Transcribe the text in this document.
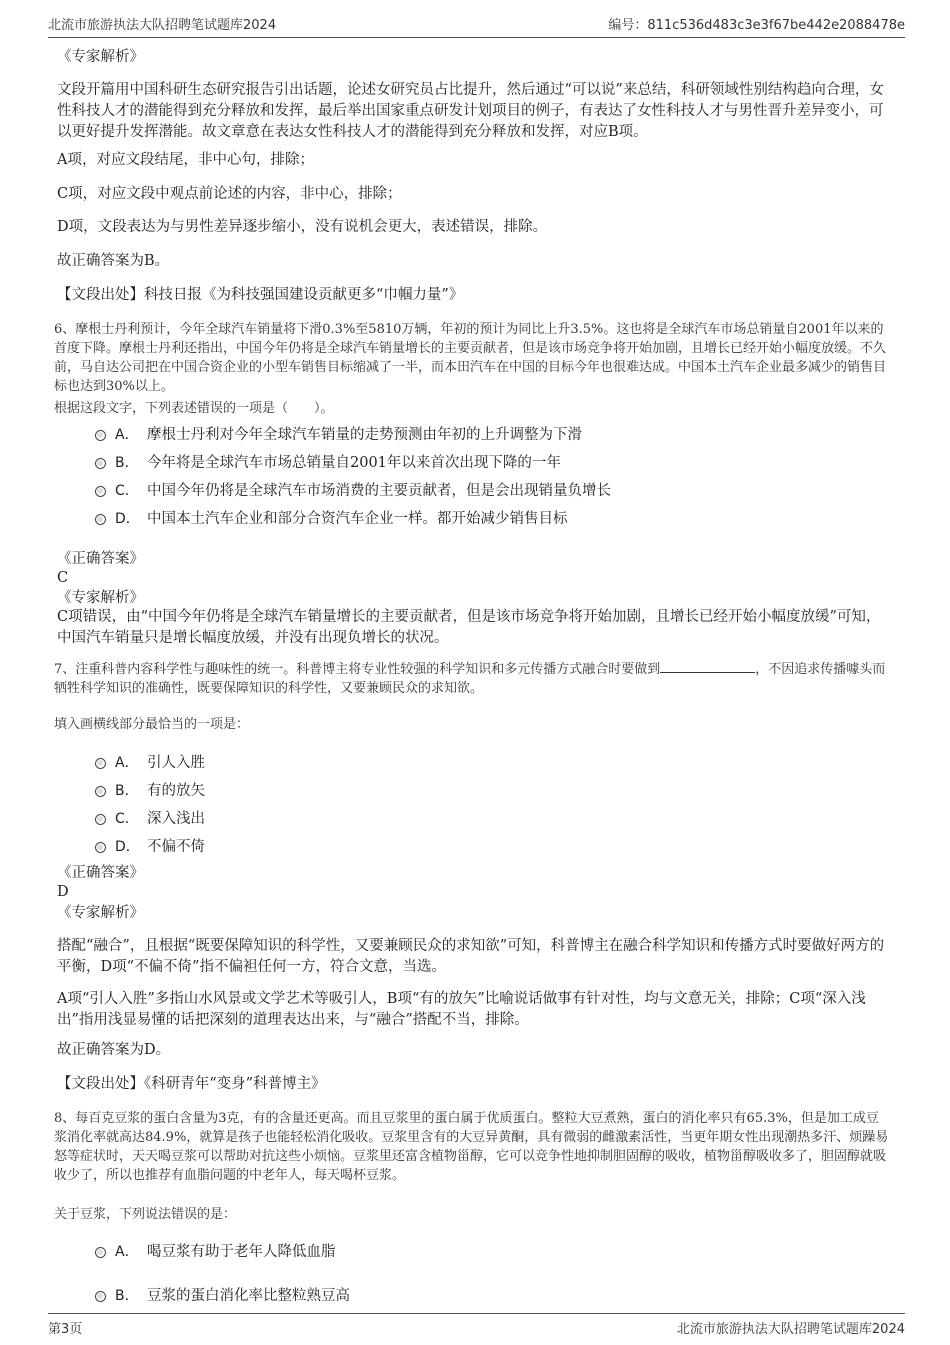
北流市旅游执法大队招聘笔试题库2024	编号：811c536d483c3e3f67be442e2088478e

《专家解析》

文段开篇用中国科研生态研究报告引出话题，论述女研究员占比提升，然后通过“可以说”来总结，科研领域性别结构趋向合理，女性科技人才的潜能得到充分释放和发挥，最后举出国家重点研发计划项目的例子，有表达了女性科技人才与男性晋升差异变小，可以更好提升发挥潜能。故文章意在表达女性科技人才的潜能得到充分释放和发挥，对应B项。

A项，对应文段结尾，非中心句，排除；

C项，对应文段中观点前论述的内容，非中心，排除；

D项，文段表达为与男性差异逐步缩小，没有说机会更大，表述错误，排除。

故正确答案为B。

【文段出处】科技日报《为科技强国建设贡献更多“巾帼力量”》

6、摩根士丹利预计，今年全球汽车销量将下滑0.3%至5810万辆，年初的预计为同比上升3.5%。这也将是全球汽车市场总销量自2001年以来的首度下降。摩根士丹利还指出，中国今年仍将是全球汽车销量增长的主要贡献者，但是该市场竞争将开始加剧，且增长已经开始小幅度放缓。不久前，马自达公司把在中国合资企业的小型车销售目标缩减了一半，而本田汽车在中国的目标今年也很难达成。中国本土汽车企业最多减少的销售目标也达到30%以上。

根据这段文字，下列表述错误的一项是（　　）。

A． 摩根士丹利对今年全球汽车销量的走势预测由年初的上升调整为下滑
B． 今年将是全球汽车市场总销量自2001年以来首次出现下降的一年
C． 中国今年仍将是全球汽车市场消费的主要贡献者，但是会出现销量负增长
D． 中国本土汽车企业和部分合资汽车企业一样。都开始减少销售目标

《正确答案》

C

《专家解析》

C项错误，由“中国今年仍将是全球汽车销量增长的主要贡献者，但是该市场竞争将开始加剧，且增长已经开始小幅度放缓”可知，中国汽车销量只是增长幅度放缓，并没有出现负增长的状况。

7、注重科普内容科学性与趣味性的统一。科普博主将专业性较强的科学知识和多元传播方式融合时要做到	，不因追求传播噱头而牺牲科学知识的准确性，既要保障知识的科学性，又要兼顾民众的求知欲。

填入画横线部分最恰当的一项是：

A． 引人入胜
B． 有的放矢
C． 深入浅出
D． 不偏不倚

《正确答案》

D

《专家解析》

搭配“融合”，且根据“既要保障知识的科学性，又要兼顾民众的求知欲”可知，科普博主在融合科学知识和传播方式时要做好两方的平衡，D项“不偏不倚”指不偏袒任何一方，符合文意，当选。

A项“引人入胜”多指山水风景或文学艺术等吸引人，B项“有的放矢”比喻说话做事有针对性，均与文意无关，排除；C项“深入浅出”指用浅显易懂的话把深刻的道理表达出来，与“融合”搭配不当，排除。

故正确答案为D。

【文段出处】《科研青年“变身”科普博主》

8、每百克豆浆的蛋白含量为3克，有的含量还更高。而且豆浆里的蛋白属于优质蛋白。整粒大豆煮熟，蛋白的消化率只有65.3%，但是加工成豆浆消化率就高达84.9%，就算是孩子也能轻松消化吸收。豆浆里含有的大豆异黄酮，具有微弱的雌激素活性，当更年期女性出现潮热多汗、烦躁易怒等症状时，天天喝豆浆可以帮助对抗这些小烦恼。豆浆里还富含植物甾醇，它可以竞争性地抑制胆固醇的吸收，植物甾醇吸收多了，胆固醇就吸收少了，所以也推荐有血脂问题的中老年人，每天喝杯豆浆。

关于豆浆，下列说法错误的是：

A． 喝豆浆有助于老年人降低血脂
B． 豆浆的蛋白消化率比整粒熟豆高
第3页	北流市旅游执法大队招聘笔试题库2024
